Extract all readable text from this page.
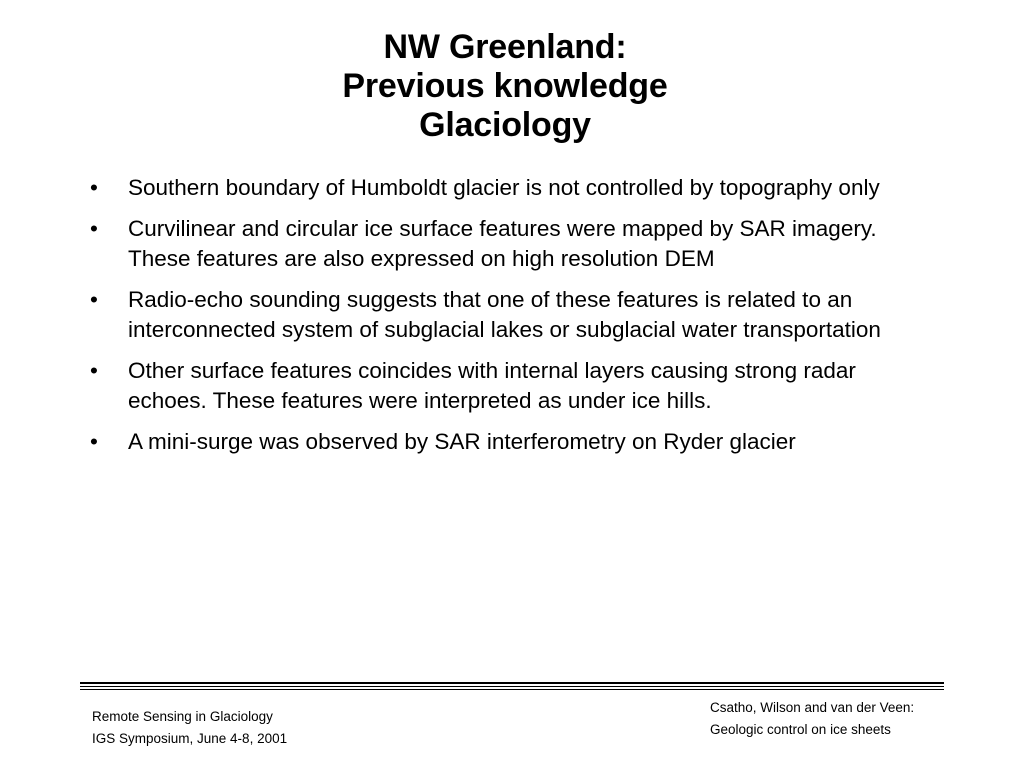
NW Greenland:
Previous knowledge
Glaciology
•	Southern boundary of Humboldt glacier is not controlled by topography only
•	Curvilinear and circular ice surface features were mapped by SAR imagery. These features are also expressed on high resolution DEM
•	Radio-echo sounding suggests that one of these features is related to an interconnected system of subglacial lakes or subglacial water transportation
•	Other surface features coincides with internal layers causing strong radar echoes. These features were interpreted as under ice hills.
•	A mini-surge was observed by SAR interferometry on Ryder glacier
Remote Sensing in Glaciology
IGS Symposium, June 4-8, 2001
Csatho, Wilson and van der Veen:
Geologic control on ice sheets
